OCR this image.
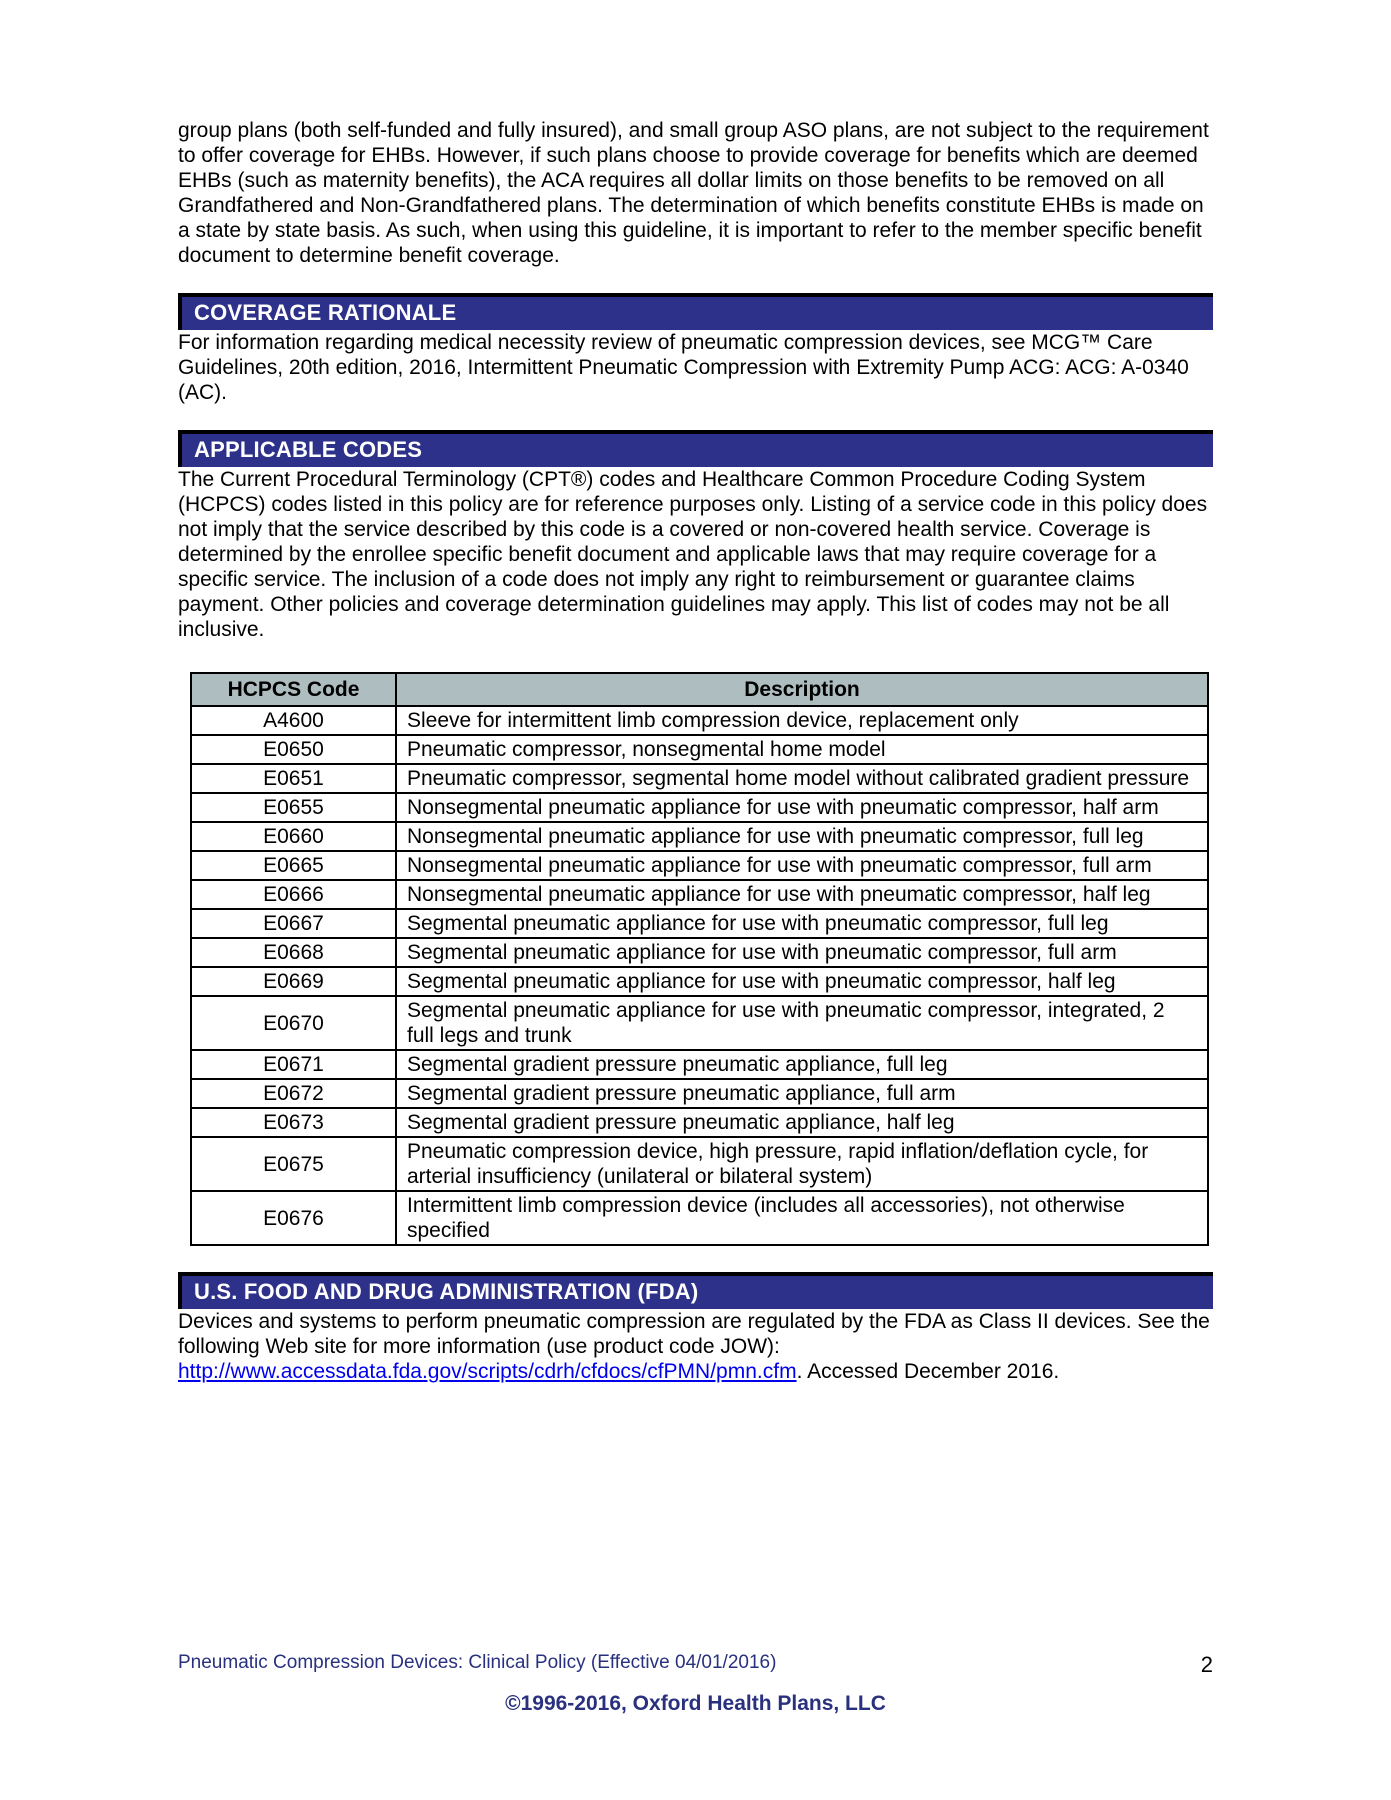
group plans (both self-funded and fully insured), and small group ASO plans, are not subject to the requirement to offer coverage for EHBs. However, if such plans choose to provide coverage for benefits which are deemed EHBs (such as maternity benefits), the ACA requires all dollar limits on those benefits to be removed on all Grandfathered and Non-Grandfathered plans. The determination of which benefits constitute EHBs is made on a state by state basis. As such, when using this guideline, it is important to refer to the member specific benefit document to determine benefit coverage.

COVERAGE RATIONALE

For information regarding medical necessity review of pneumatic compression devices, see MCG™ Care Guidelines, 20th edition, 2016, Intermittent Pneumatic Compression with Extremity Pump ACG: ACG: A-0340 (AC).

APPLICABLE CODES

The Current Procedural Terminology (CPT®) codes and Healthcare Common Procedure Coding System (HCPCS) codes listed in this policy are for reference purposes only. Listing of a service code in this policy does not imply that the service described by this code is a covered or non-covered health service. Coverage is determined by the enrollee specific benefit document and applicable laws that may require coverage for a specific service. The inclusion of a code does not imply any right to reimbursement or guarantee claims payment. Other policies and coverage determination guidelines may apply. This list of codes may not be all inclusive.

HCPCS Code	Description
A4600	Sleeve for intermittent limb compression device, replacement only
E0650	Pneumatic compressor, nonsegmental home model
E0651	Pneumatic compressor, segmental home model without calibrated gradient pressure
E0655	Nonsegmental pneumatic appliance for use with pneumatic compressor, half arm
E0660	Nonsegmental pneumatic appliance for use with pneumatic compressor, full leg
E0665	Nonsegmental pneumatic appliance for use with pneumatic compressor, full arm
E0666	Nonsegmental pneumatic appliance for use with pneumatic compressor, half leg
E0667	Segmental pneumatic appliance for use with pneumatic compressor, full leg
E0668	Segmental pneumatic appliance for use with pneumatic compressor, full arm
E0669	Segmental pneumatic appliance for use with pneumatic compressor, half leg
E0670	Segmental pneumatic appliance for use with pneumatic compressor, integrated, 2 full legs and trunk
E0671	Segmental gradient pressure pneumatic appliance, full leg
E0672	Segmental gradient pressure pneumatic appliance, full arm
E0673	Segmental gradient pressure pneumatic appliance, half leg
E0675	Pneumatic compression device, high pressure, rapid inflation/deflation cycle, for arterial insufficiency (unilateral or bilateral system)
E0676	Intermittent limb compression device (includes all accessories), not otherwise specified
U.S. FOOD AND DRUG ADMINISTRATION (FDA)

Devices and systems to perform pneumatic compression are regulated by the FDA as Class II devices. See the following Web site for more information (use product code JOW): http://www.accessdata.fda.gov/scripts/cdrh/cfdocs/cfPMN/pmn.cfm. Accessed December 2016.

Pneumatic Compression Devices: Clinical Policy (Effective 04/01/2016)	2
©1996-2016, Oxford Health Plans, LLC
